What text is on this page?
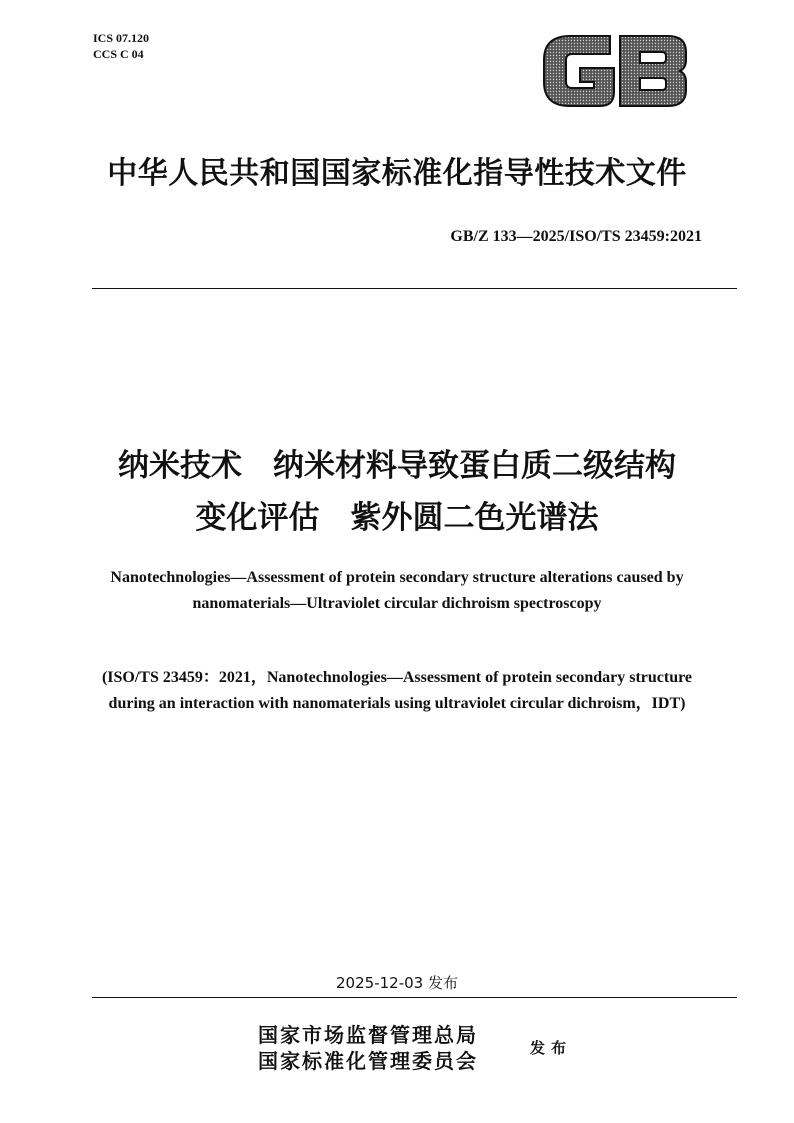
ICS 07.120
CCS C 04
中华人民共和国国家标准化指导性技术文件
GB/Z 133—2025/ISO/TS 23459:2021
纳米技术　纳米材料导致蛋白质二级结构
变化评估　紫外圆二色光谱法
Nanotechnologies—Assessment of protein secondary structure alterations caused by
nanomaterials—Ultraviolet circular dichroism spectroscopy
(ISO/TS 23459：2021，Nanotechnologies—Assessment of protein secondary structure
during an interaction with nanomaterials using ultraviolet circular dichroism，IDT)
2025-12-03 发布
国家市场监督管理总局
国家标准化管理委员会
发布
